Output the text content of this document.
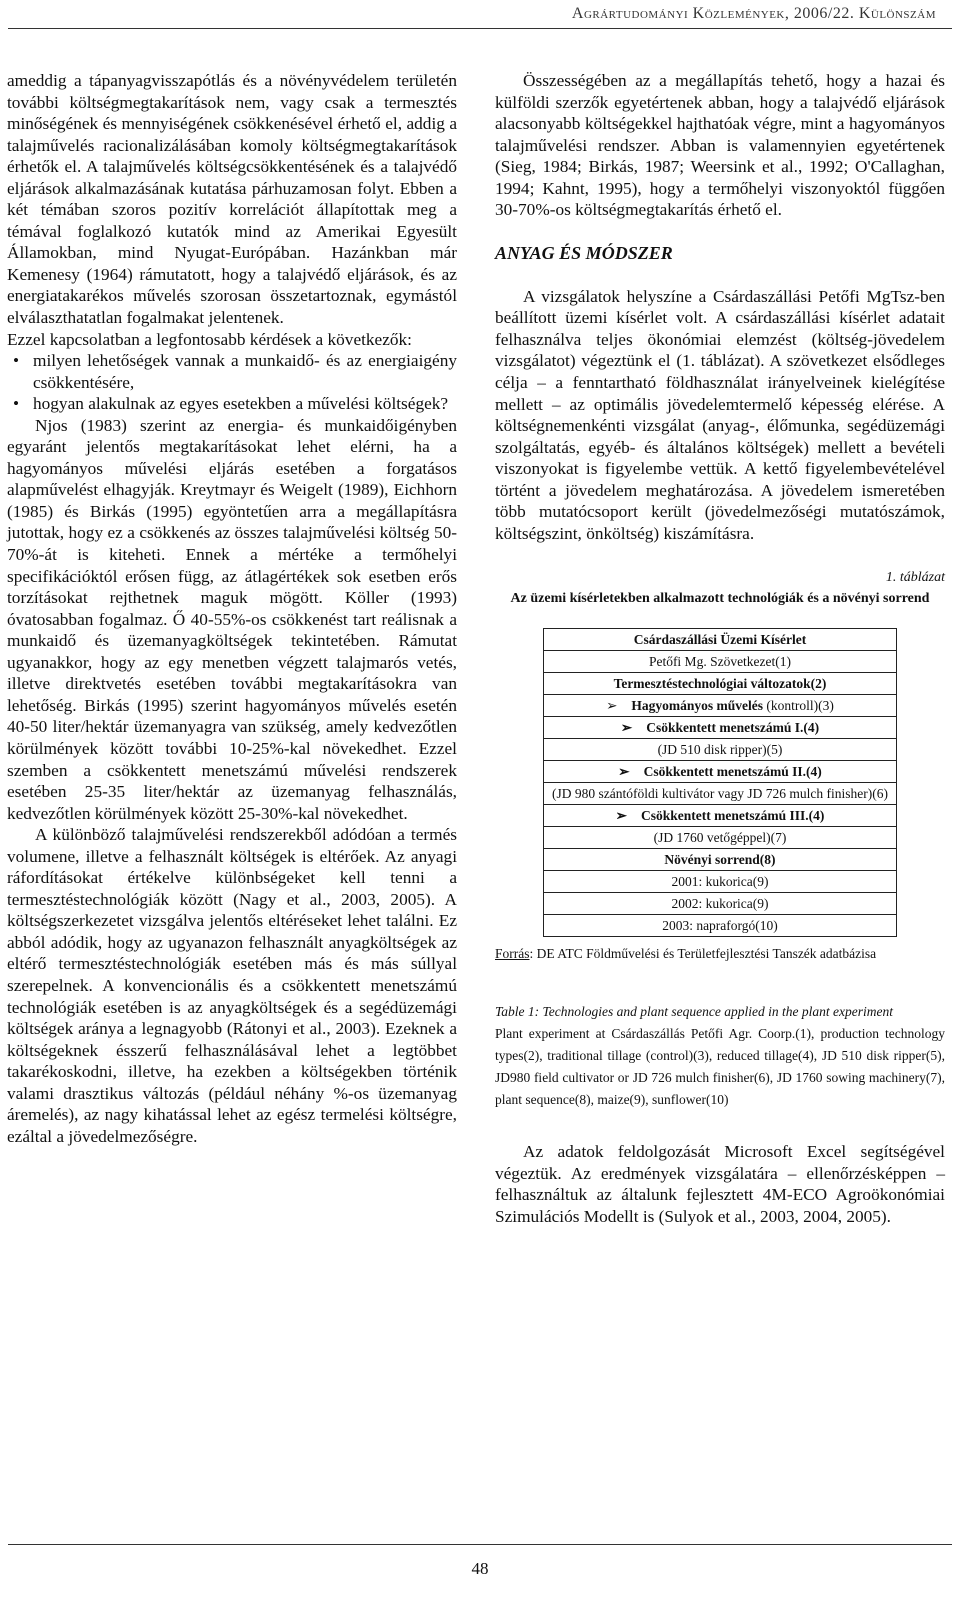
Agrártudományi Közlemények, 2006/22. Különszám

ameddig a tápanyagvisszapótlás és a növényvédelem területén további költségmegtakarítások nem, vagy csak a termesztés minőségének és mennyiségének csökkenésével érhető el, addig a talajművelés racionalizálásában komoly költségmegtakarítások érhetők el. A talajművelés költségcsökkentésének és a talajvédő eljárások alkalmazásának kutatása párhuzamosan folyt. Ebben a két témában szoros pozitív korrelációt állapítottak meg a témával foglalkozó kutatók mind az Amerikai Egyesült Államokban, mind Nyugat-Európában. Hazánkban már Kemenesy (1964) rámutatott, hogy a talajvédő eljárások, és az energiatakarékos művelés szorosan összetartoznak, egymástól elválaszthatatlan fogalmakat jelentenek.

Ezzel kapcsolatban a legfontosabb kérdések a következők:

• milyen lehetőségek vannak a munkaidő- és az energiaigény csökkentésére,
• hogyan alakulnak az egyes esetekben a művelési költségek?

Njos (1983) szerint az energia- és munkaidőigényben egyaránt jelentős megtakarításokat lehet elérni, ha a hagyományos művelési eljárás esetében a forgatásos alapművelést elhagyják. Kreytmayr és Weigelt (1989), Eichhorn (1985) és Birkás (1995) egyöntetűen arra a megállapításra jutottak, hogy ez a csökkenés az összes talajművelési költség 50-70%-át is kiteheti. Ennek a mértéke a termőhelyi specifikációktól erősen függ, az átlagértékek sok esetben erős torzításokat rejthetnek maguk mögött. Köller (1993) óvatosabban fogalmaz. Ő 40-55%-os csökkenést tart reálisnak a munkaidő és üzemanyagköltségek tekintetében. Rámutat ugyanakkor, hogy az egy menetben végzett talajmarós vetés, illetve direktvetés esetében további megtakarításokra van lehetőség. Birkás (1995) szerint hagyományos művelés esetén 40-50 liter/hektár üzemanyagra van szükség, amely kedvezőtlen körülmények között további 10-25%-kal növekedhet. Ezzel szemben a csökkentett menetszámú művelési rendszerek esetében 25-35 liter/hektár az üzemanyag felhasználás, kedvezőtlen körülmények között 25-30%-kal növekedhet.

A különböző talajművelési rendszerekből adódóan a termés volumene, illetve a felhasznált költségek is eltérőek. Az anyagi ráfordításokat értékelve különbségeket kell tenni a termesztéstechnológiák között (Nagy et al., 2003, 2005). A költségszerkezetet vizsgálva jelentős eltéréseket lehet találni. Ez abból adódik, hogy az ugyanazon felhasznált anyagköltségek az eltérő termesztéstechnológiák esetében más és más súllyal szerepelnek. A konvencionális és a csökkentett menetszámú technológiák esetében is az anyagköltségek és a segédüzemági költségek aránya a legnagyobb (Rátonyi et al., 2003). Ezeknek a költségeknek ésszerű felhasználásával lehet a legtöbbet takarékoskodni, illetve, ha ezekben a költségekben történik valami drasztikus változás (például néhány %-os üzemanyag áremelés), az nagy kihatással lehet az egész termelési költségre, ezáltal a jövedelmezőségre.

Összességében az a megállapítás tehető, hogy a hazai és külföldi szerzők egyetértenek abban, hogy a talajvédő eljárások alacsonyabb költségekkel hajthatóak végre, mint a hagyományos talajművelési rendszer. Abban is valamennyien egyetértenek (Sieg, 1984; Birkás, 1987; Weersink et al., 1992; O'Callaghan, 1994; Kahnt, 1995), hogy a termőhelyi viszonyoktól függően 30-70%-os költségmegtakarítás érhető el.

ANYAG ÉS MÓDSZER

A vizsgálatok helyszíne a Csárdaszállási Petőfi MgTsz-ben beállított üzemi kísérlet volt. A csárdaszállási kísérlet adatait felhasználva teljes ökonómiai elemzést (költség-jövedelem vizsgálatot) végeztünk el (1. táblázat). A szövetkezet elsődleges célja – a fenntartható földhasználat irányelveinek kielégítése mellett – az optimális jövedelemtermelő képesség elérése. A költségnemenkénti vizsgálat (anyag-, élőmunka, segédüzemági szolgáltatás, egyéb- és általános költségek) mellett a bevételi viszonyokat is figyelembe vettük. A kettő figyelembevételével történt a jövedelem meghatározása. A jövedelem ismeretében több mutatócsoport került (jövedelmezőségi mutatószámok, költségszint, önköltség) kiszámításra.

1. táblázat
Az üzemi kísérletekben alkalmazott technológiák és a növényi sorrend
Csárdaszállási Üzemi Kísérlet
Petőfi Mg. Szövetkezet(1)
Termesztéstechnológiai változatok(2)
➢ Hagyományos művelés (kontroll)(3)
➢ Csökkentett menetszámú I.(4)
(JD 510 disk ripper)(5)
➢ Csökkentett menetszámú II.(4)
(JD 980 szántóföldi kultivátor vagy JD 726 mulch finisher)(6)
➢ Csökkentett menetszámú III.(4)
(JD 1760 vetőgéppel)(7)
Növényi sorrend(8)
2001: kukorica(9)
2002: kukorica(9)
2003: napraforgó(10)
Forrás: DE ATC Földművelési és Területfejlesztési Tanszék adatbázisa
Table 1: Technologies and plant sequence applied in the plant experiment
Plant experiment at Csárdaszállás Petőfi Agr. Coorp.(1), production technology types(2), traditional tillage (control)(3), reduced tillage(4), JD 510 disk ripper(5), JD980 field cultivator or JD 726 mulch finisher(6), JD 1760 sowing machinery(7), plant sequence(8), maize(9), sunflower(10)

Az adatok feldolgozását Microsoft Excel segítségével végeztük. Az eredmények vizsgálatára – ellenőrzésképpen – felhasználtuk az általunk fejlesztett 4M-ECO Agroökonómiai Szimulációs Modellt is (Sulyok et al., 2003, 2004, 2005).

48
